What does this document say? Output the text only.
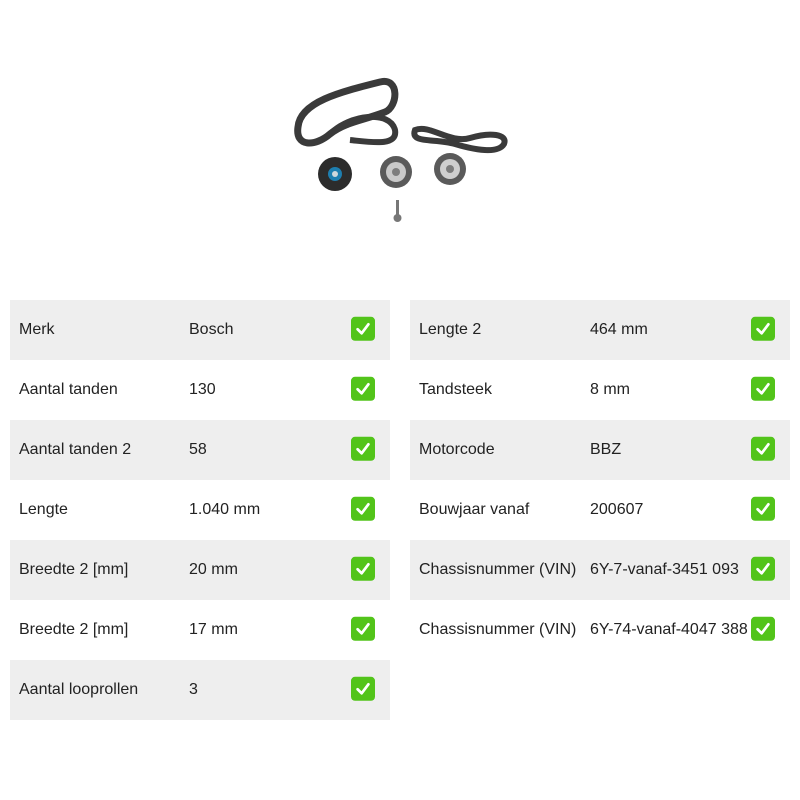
Merk	Bosch
Aantal tanden	130
Aantal tanden 2	58
Lengte	1.040 mm
Breedte 2 [mm]	20 mm
Breedte 2 [mm]	17 mm
Aantal looprollen	3
Lengte 2	464 mm
Tandsteek	8 mm
Motorcode	BBZ
Bouwjaar vanaf	200607
Chassisnummer (VIN) 6Y-7-vanaf-3451 093
Chassisnummer (VIN) 6Y-74-vanaf-4047 388
